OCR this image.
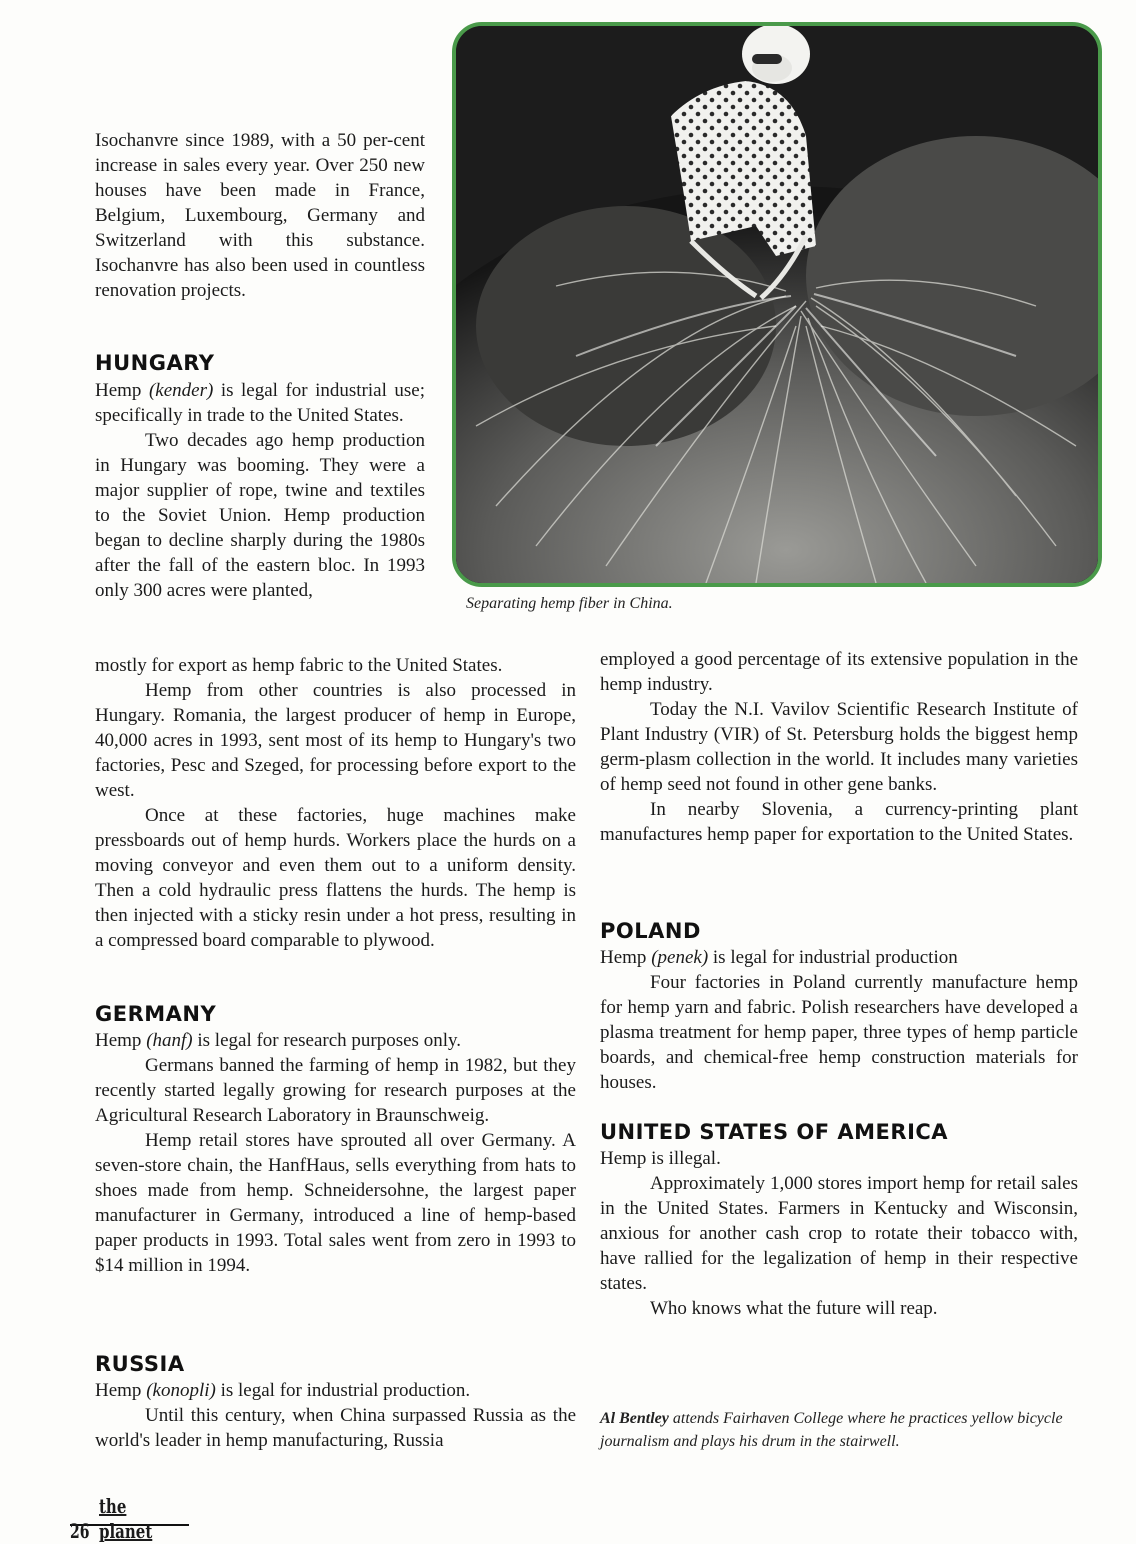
Isochanvre since 1989, with a 50 per-cent increase in sales every year. Over 250 new houses have been made in France, Belgium, Luxembourg, Germany and Switzerland with this substance. Isochanvre has also been used in countless renovation projects.

Separating hemp fiber in China.
HUNGARY

Hemp (kender) is legal for industrial use; specifically in trade to the United States.

Two decades ago hemp production in Hungary was booming. They were a major supplier of rope, twine and textiles to the Soviet Union. Hemp production began to decline sharply during the 1980s after the fall of the eastern bloc. In 1993 only 300 acres were planted,

mostly for export as hemp fabric to the United States.

Hemp from other countries is also processed in Hungary. Romania, the largest producer of hemp in Europe, 40,000 acres in 1993, sent most of its hemp to Hungary's two factories, Pesc and Szeged, for processing before export to the west.

Once at these factories, huge machines make pressboards out of hemp hurds. Workers place the hurds on a moving conveyor and even them out to a uniform density. Then a cold hydraulic press flattens the hurds. The hemp is then injected with a sticky resin under a hot press, resulting in a compressed board comparable to plywood.

GERMANY

Hemp (hanf) is legal for research purposes only.

Germans banned the farming of hemp in 1982, but they recently started legally growing for research purposes at the Agricultural Research Laboratory in Braunschweig.

Hemp retail stores have sprouted all over Germany. A seven-store chain, the HanfHaus, sells everything from hats to shoes made from hemp. Schneidersohne, the largest paper manufacturer in Germany, introduced a line of hemp-based paper products in 1993. Total sales went from zero in 1993 to $14 million in 1994.

RUSSIA

Hemp (konopli) is legal for industrial production.

Until this century, when China surpassed Russia as the world's leader in hemp manufacturing, Russia

employed a good percentage of its extensive population in the hemp industry.

Today the N.I. Vavilov Scientific Research Institute of Plant Industry (VIR) of St. Petersburg holds the biggest hemp germ-plasm collection in the world. It includes many varieties of hemp seed not found in other gene banks.

In nearby Slovenia, a currency-printing plant manufactures hemp paper for exportation to the United States.

POLAND

Hemp (penek) is legal for industrial production

Four factories in Poland currently manufacture hemp for hemp yarn and fabric. Polish researchers have developed a plasma treatment for hemp paper, three types of hemp particle boards, and chemical-free hemp construction materials for houses.

UNITED STATES OF AMERICA

Hemp is illegal.

Approximately 1,000 stores import hemp for retail sales in the United States. Farmers in Kentucky and Wisconsin, anxious for another cash crop to rotate their tobacco with, have rallied for the legalization of hemp in their respective states.

Who knows what the future will reap.

Al Bentley attends Fairhaven College where he practices yellow bicycle journalism and plays his drum in the stairwell.
26 the planet
